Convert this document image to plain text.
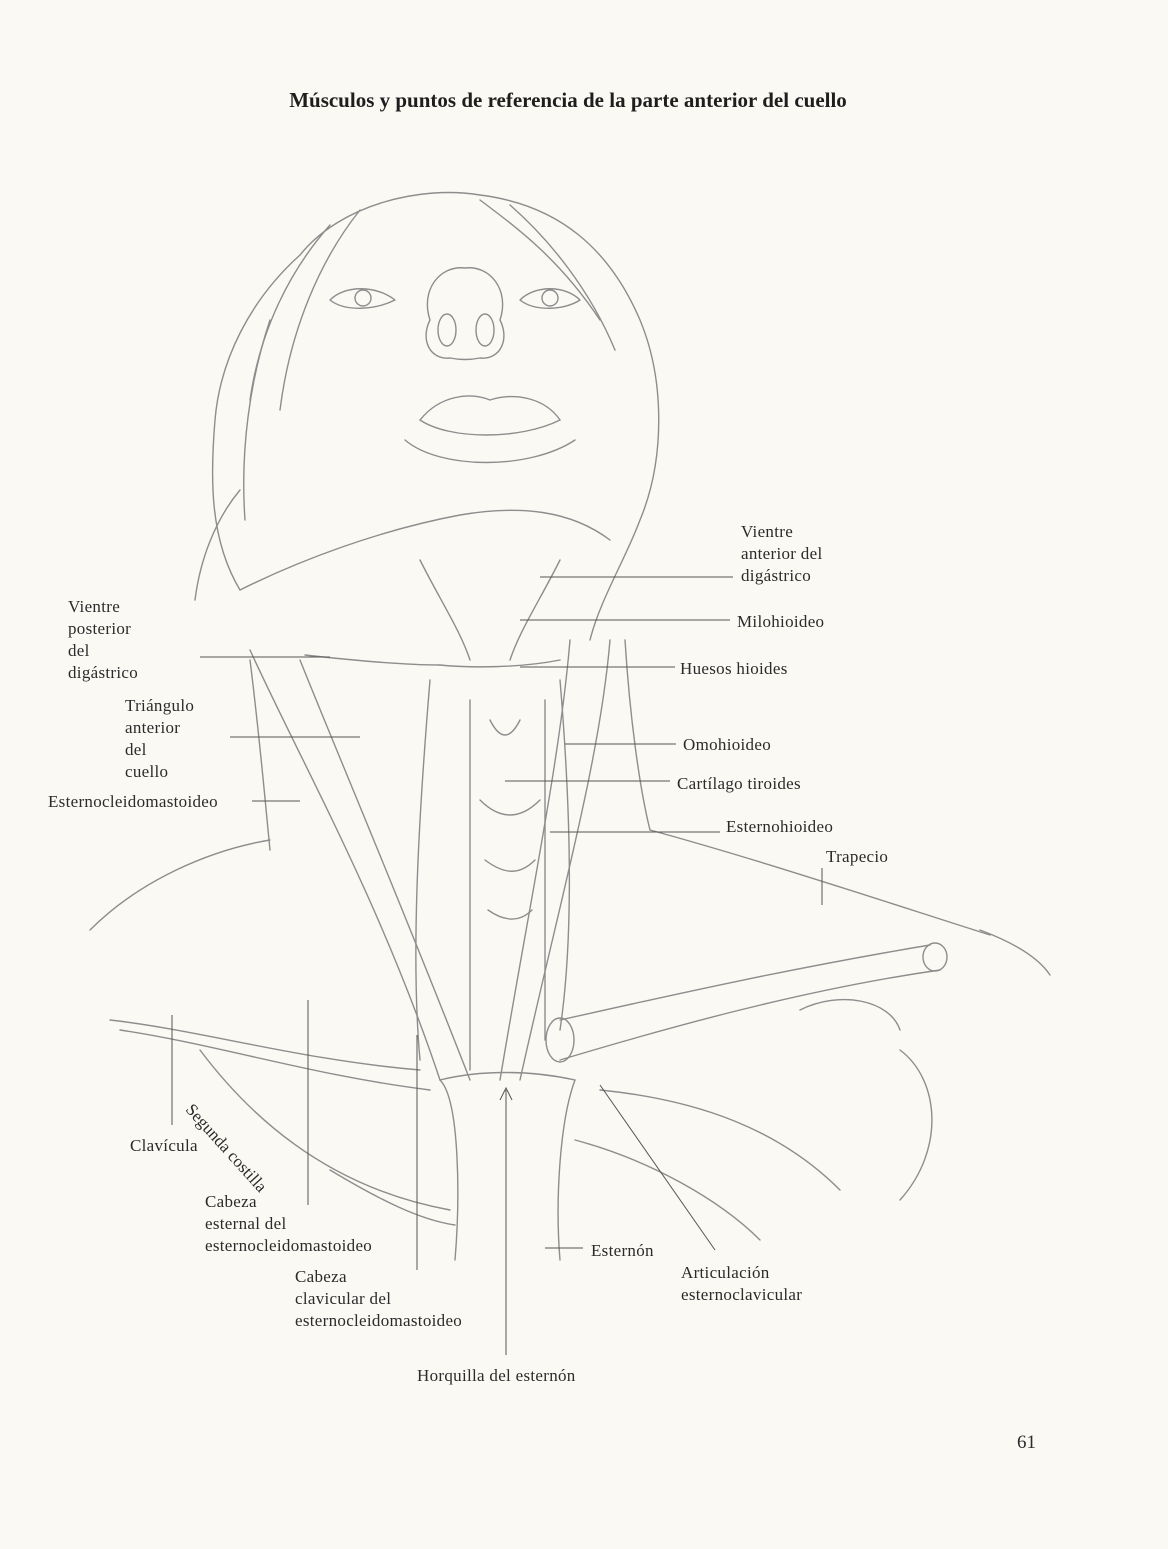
Músculos y puntos de referencia de la parte anterior del cuello
Vientre
anterior del
digástrico
Milohioideo
Huesos hioides
Omohioideo
Cartílago tiroides
Esternohioideo
Trapecio
Vientre
posterior
del
digástrico
Triángulo
anterior
del
cuello
Esternocleidomastoideo
Clavícula
Segunda costilla
Cabeza
esternal del
esternocleidomastoideo
Cabeza
clavicular del
esternocleidomastoideo
Horquilla del esternón
Esternón
Articulación
esternoclavicular
61
